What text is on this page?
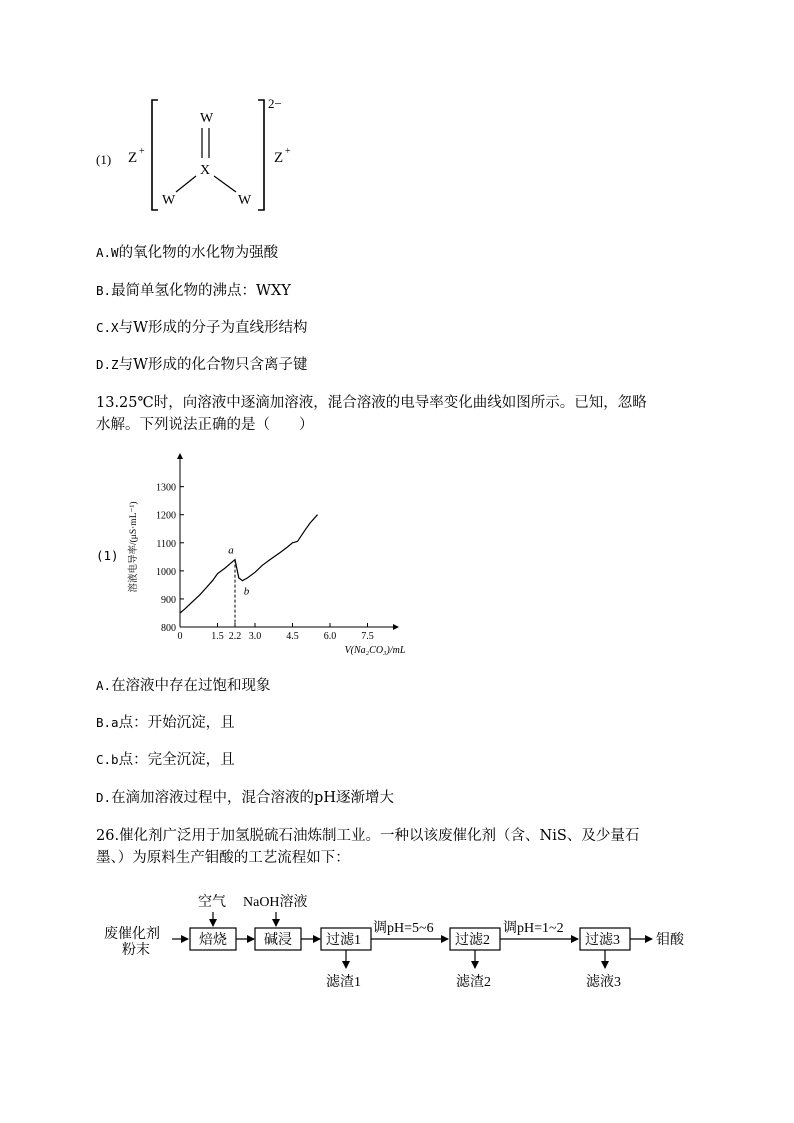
(1) Z +
W
X
W	W
2−
Z +
A.W的氧化物的水化物为强酸
B.最简单氢化物的沸点：WXY
C.X与W形成的分子为直线形结构
D.Z与W形成的化合物只含离子键
13.25℃时，向溶液中逐滴加溶液，混合溶液的电导率变化曲线如图所示。已知，忽略
水解。下列说法正确的是（　　）
(1)
800
900
1000
1100
1200
1300
0	1.5 2.2 3.0	4.5	6.0	7.5
V(Na₂CO₃)/mL
溶液电导率/(μS·mL⁻¹)	a
b
A.在溶液中存在过饱和现象
B.a点：开始沉淀，且
C.b点：完全沉淀，且
D.在滴加溶液过程中，混合溶液的pH逐渐增大
26.催化剂广泛用于加氢脱硫石油炼制工业。一种以该废催化剂（含、NiS、及少量石
墨、）为原料生产钼酸的工艺流程如下：
废催化剂
粉末
空气
焙烧
NaOH溶液
碱浸 过滤1
滤渣1
调pH=5~6
过滤2
滤渣2
调pH=1~2
过滤3
滤液3
钼酸
